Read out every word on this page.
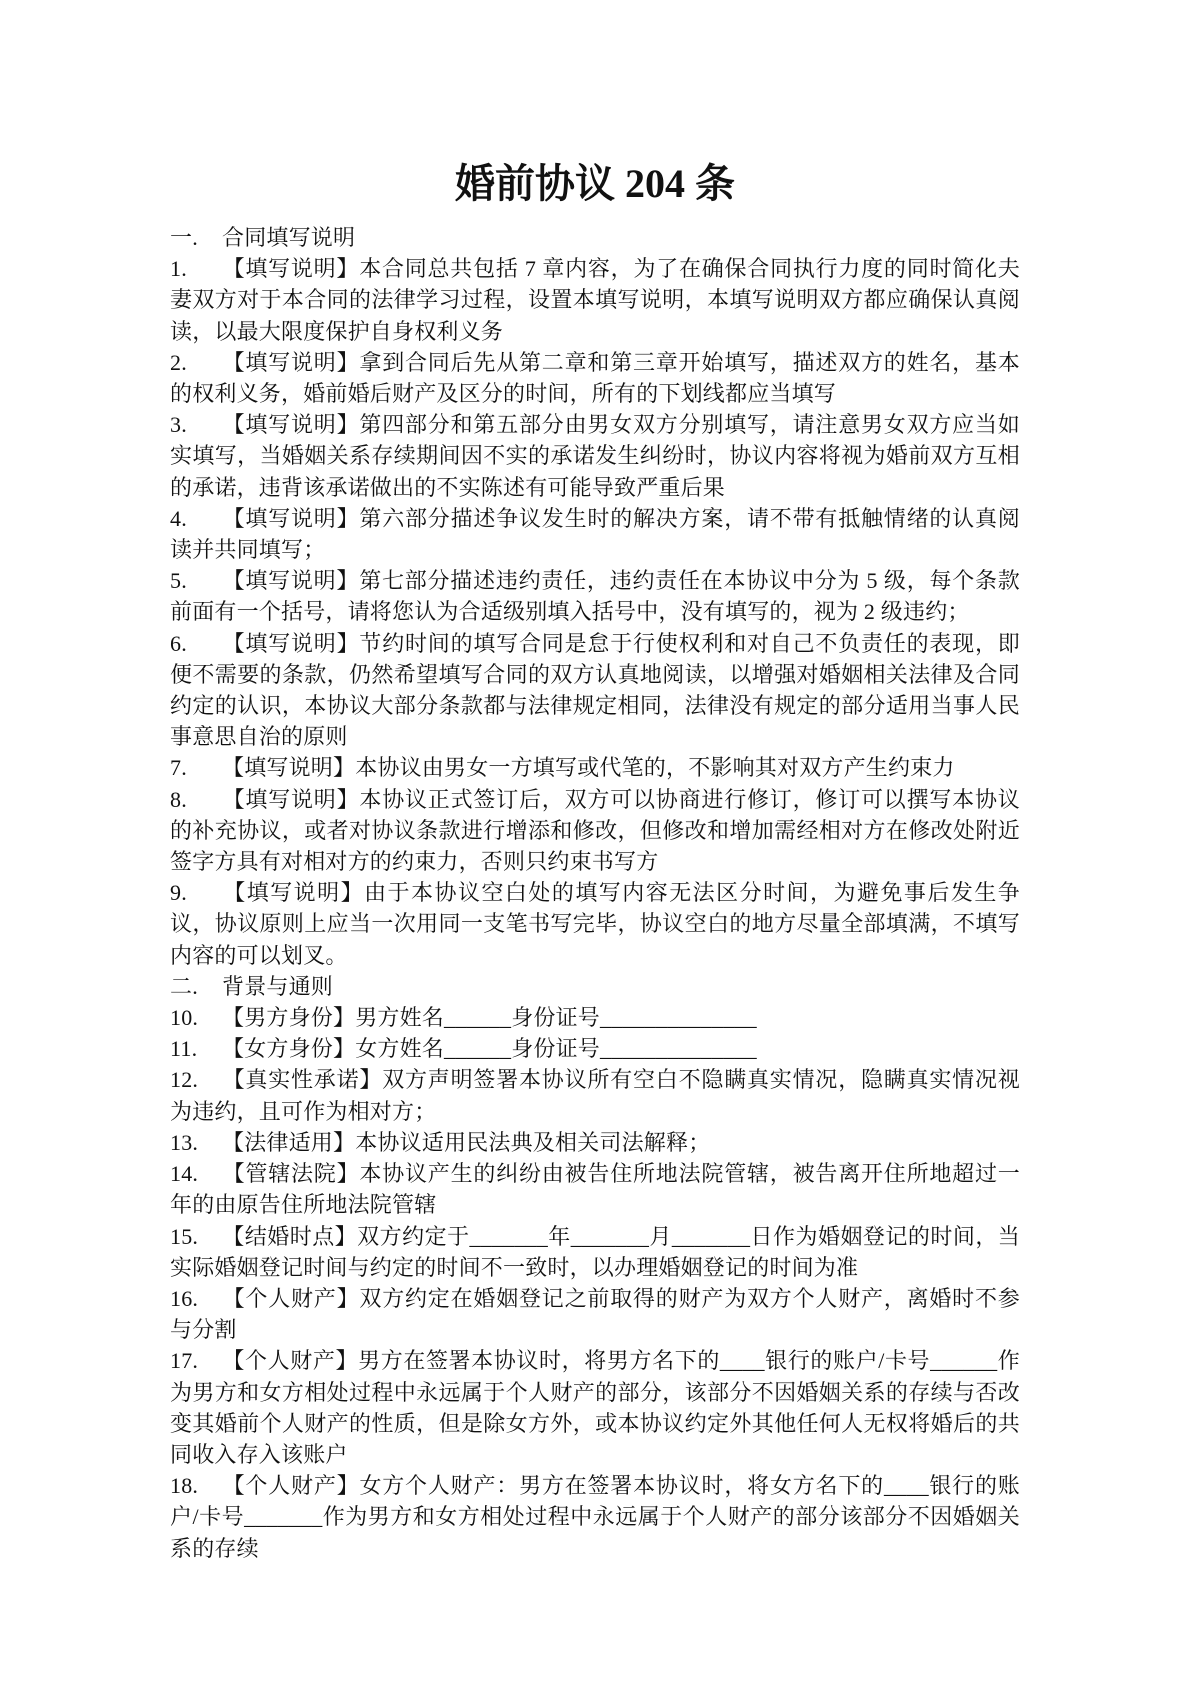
婚前协议 204 条

一. 合同填写说明

1. 【填写说明】本合同总共包括 7 章内容，为了在确保合同执行力度的同时简化夫妻双方对于本合同的法律学习过程，设置本填写说明，本填写说明双方都应确保认真阅读，以最大限度保护自身权利义务

2. 【填写说明】拿到合同后先从第二章和第三章开始填写，描述双方的姓名，基本的权利义务，婚前婚后财产及区分的时间，所有的下划线都应当填写

3. 【填写说明】第四部分和第五部分由男女双方分别填写，请注意男女双方应当如实填写，当婚姻关系存续期间因不实的承诺发生纠纷时，协议内容将视为婚前双方互相的承诺，违背该承诺做出的不实陈述有可能导致严重后果

4. 【填写说明】第六部分描述争议发生时的解决方案，请不带有抵触情绪的认真阅读并共同填写；

5. 【填写说明】第七部分描述违约责任，违约责任在本协议中分为 5 级，每个条款前面有一个括号，请将您认为合适级别填入括号中，没有填写的，视为 2 级违约；

6. 【填写说明】节约时间的填写合同是怠于行使权利和对自己不负责任的表现，即便不需要的条款，仍然希望填写合同的双方认真地阅读，以增强对婚姻相关法律及合同约定的认识，本协议大部分条款都与法律规定相同，法律没有规定的部分适用当事人民事意思自治的原则

7. 【填写说明】本协议由男女一方填写或代笔的，不影响其对双方产生约束力

8. 【填写说明】本协议正式签订后，双方可以协商进行修订，修订可以撰写本协议的补充协议，或者对协议条款进行增添和修改，但修改和增加需经相对方在修改处附近签字方具有对相对方的约束力，否则只约束书写方

9. 【填写说明】由于本协议空白处的填写内容无法区分时间，为避免事后发生争议，协议原则上应当一次用同一支笔书写完毕，协议空白的地方尽量全部填满，不填写内容的可以划叉。

二. 背景与通则

10. 【男方身份】男方姓名______身份证号______________

11. 【女方身份】女方姓名______身份证号______________

12. 【真实性承诺】双方声明签署本协议所有空白不隐瞒真实情况，隐瞒真实情况视为违约，且可作为相对方；

13. 【法律适用】本协议适用民法典及相关司法解释；

14. 【管辖法院】本协议产生的纠纷由被告住所地法院管辖，被告离开住所地超过一年的由原告住所地法院管辖

15. 【结婚时点】双方约定于_______年_______月_______日作为婚姻登记的时间，当实际婚姻登记时间与约定的时间不一致时，以办理婚姻登记的时间为准

16. 【个人财产】双方约定在婚姻登记之前取得的财产为双方个人财产，离婚时不参与分割

17. 【个人财产】男方在签署本协议时，将男方名下的____银行的账户/卡号______作为男方和女方相处过程中永远属于个人财产的部分，该部分不因婚姻关系的存续与否改变其婚前个人财产的性质，但是除女方外，或本协议约定外其他任何人无权将婚后的共同收入存入该账户

18. 【个人财产】女方个人财产：男方在签署本协议时，将女方名下的____银行的账户/卡号_______作为男方和女方相处过程中永远属于个人财产的部分该部分不因婚姻关系的存续
